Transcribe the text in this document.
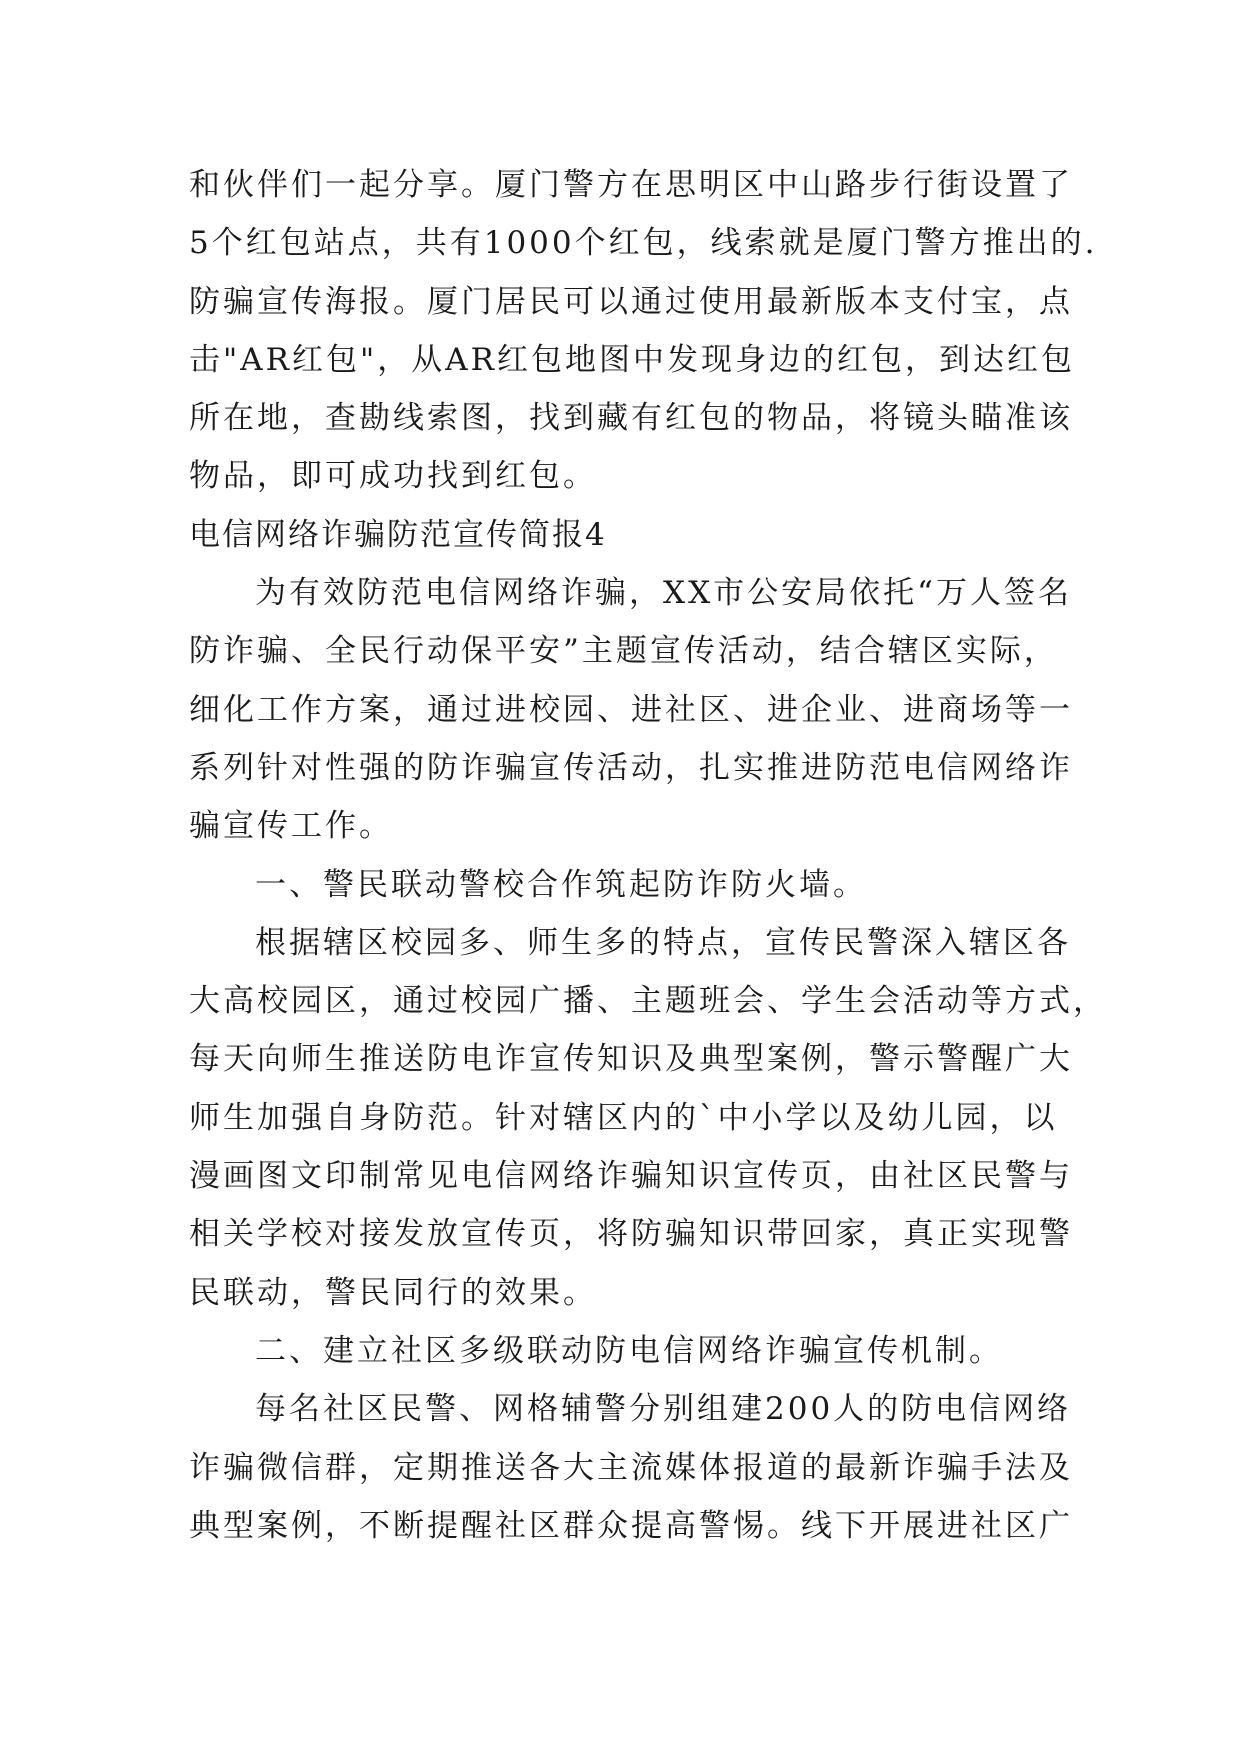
和伙伴们一起分享。厦门警方在思明区中山路步行街设置了
5个红包站点，共有1000个红包，线索就是厦门警方推出的.
防骗宣传海报。厦门居民可以通过使用最新版本支付宝，点
击"AR红包"，从AR红包地图中发现身边的红包，到达红包
所在地，查勘线索图，找到藏有红包的物品，将镜头瞄准该
物品，即可成功找到红包。
电信网络诈骗防范宣传简报4
为有效防范电信网络诈骗，XX市公安局依托“万人签名
防诈骗、全民行动保平安”主题宣传活动，结合辖区实际，
细化工作方案，通过进校园、进社区、进企业、进商场等一
系列针对性强的防诈骗宣传活动，扎实推进防范电信网络诈
骗宣传工作。
一、警民联动警校合作筑起防诈防火墙。
根据辖区校园多、师生多的特点，宣传民警深入辖区各
大高校园区，通过校园广播、主题班会、学生会活动等方式，
每天向师生推送防电诈宣传知识及典型案例，警示警醒广大
师生加强自身防范。针对辖区内的`中小学以及幼儿园，以
漫画图文印制常见电信网络诈骗知识宣传页，由社区民警与
相关学校对接发放宣传页，将防骗知识带回家，真正实现警
民联动，警民同行的效果。
二、建立社区多级联动防电信网络诈骗宣传机制。
每名社区民警、网格辅警分别组建200人的防电信网络
诈骗微信群，定期推送各大主流媒体报道的最新诈骗手法及
典型案例，不断提醒社区群众提高警惕。线下开展进社区广
